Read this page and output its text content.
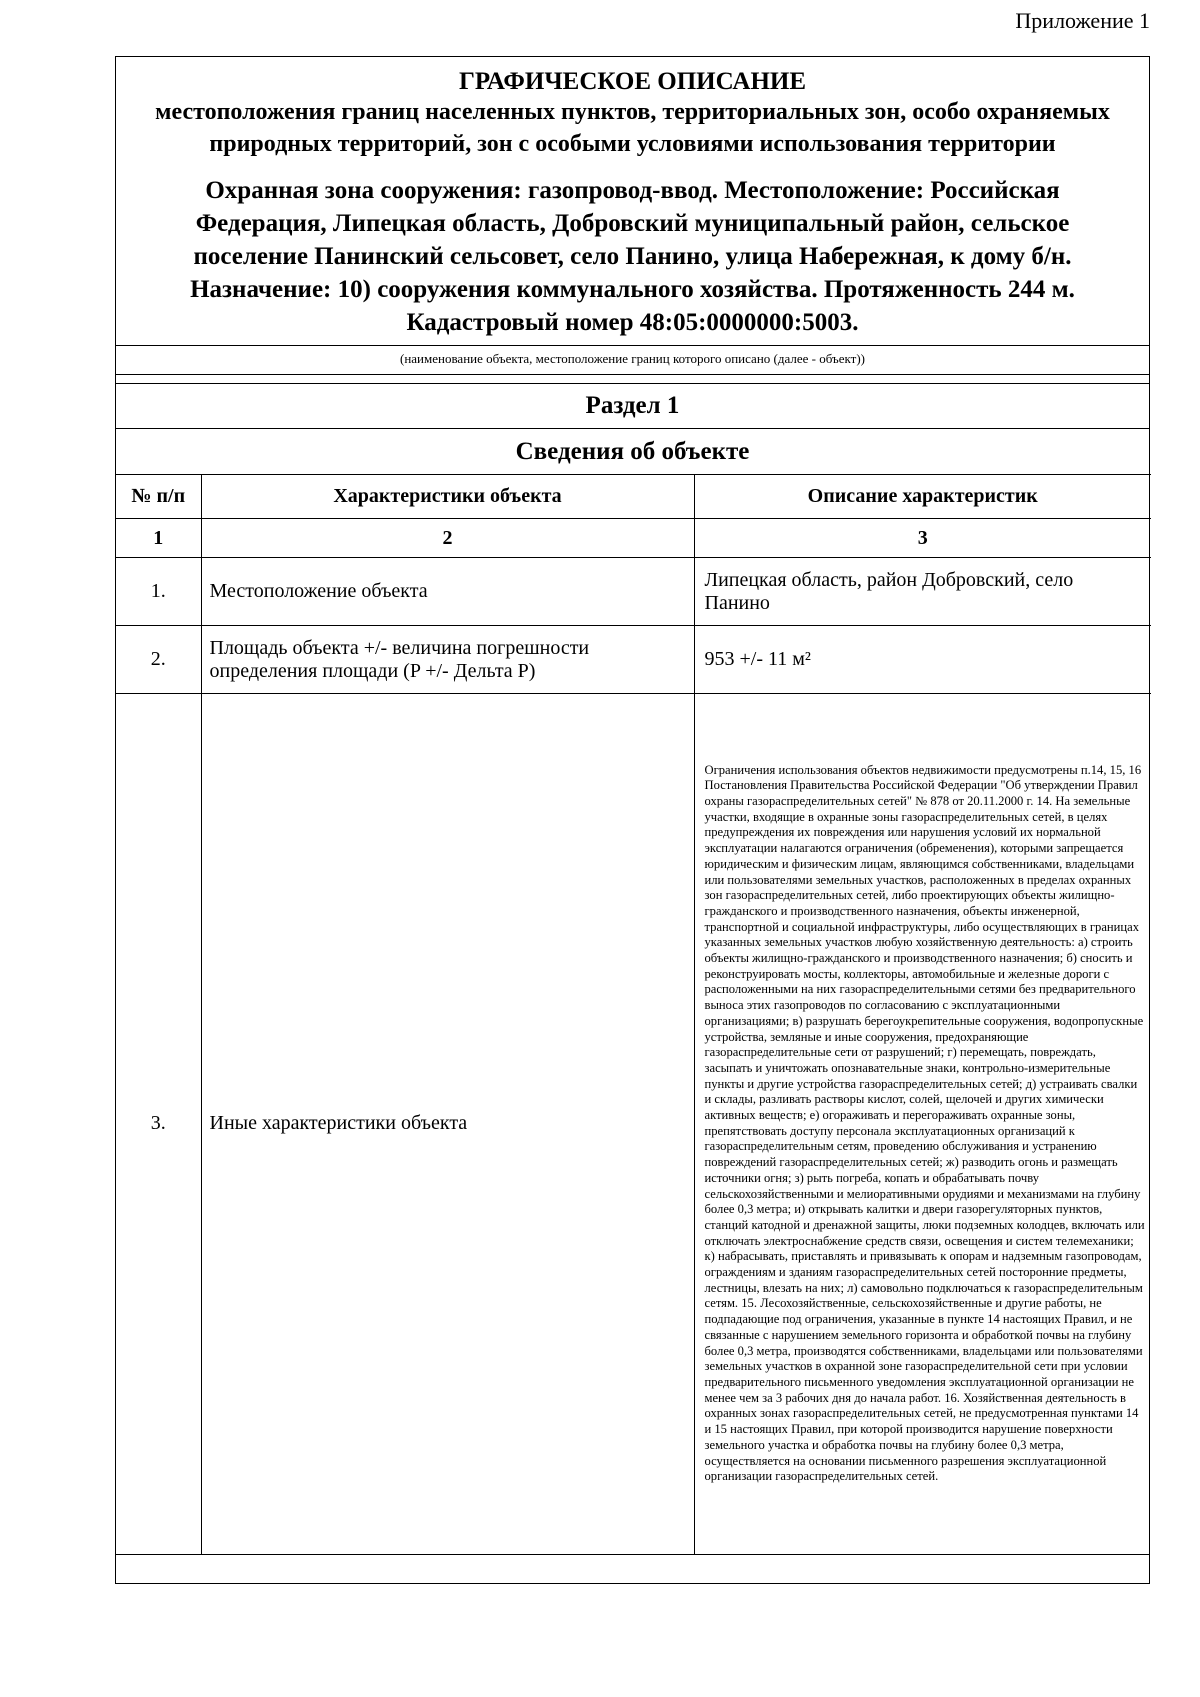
Приложение 1
ГРАФИЧЕСКОЕ ОПИСАНИЕ
местоположения границ населенных пунктов, территориальных зон, особо охраняемых природных территорий, зон с особыми условиями использования территории
Охранная зона сооружения: газопровод-ввод. Местоположение: Российская Федерация, Липецкая область, Добровский муниципальный район, сельское поселение Панинский сельсовет, село Панино, улица Набережная, к дому б/н. Назначение: 10) сооружения коммунального хозяйства. Протяженность 244 м. Кадастровый номер 48:05:0000000:5003.
(наименование объекта, местоположение границ которого описано (далее - объект))
Раздел 1
Сведения об объекте
№ п/п	Характеристики объекта	Описание характеристик
1	2	3
1.	Местоположение объекта	Липецкая область, район Добровский, село Панино
2.	Площадь объекта +/- величина погрешности определения площади (P +/- Дельта P)	953 +/- 11 м²
3.	Иные характеристики объекта	Ограничения использования объектов недвижимости предусмотрены п.14, 15, 16 Постановления Правительства Российской Федерации "Об утверждении Правил охраны газораспределительных сетей" № 878 от 20.11.2000 г. 14. На земельные участки, входящие в охранные зоны газораспределительных сетей, в целях предупреждения их повреждения или нарушения условий их нормальной эксплуатации налагаются ограничения (обременения), которыми запрещается юридическим и физическим лицам, являющимся собственниками, владельцами или пользователями земельных участков, расположенных в пределах охранных зон газораспределительных сетей, либо проектирующих объекты жилищно-гражданского и производственного назначения, объекты инженерной, транспортной и социальной инфраструктуры, либо осуществляющих в границах указанных земельных участков любую хозяйственную деятельность: а) строить объекты жилищно-гражданского и производственного назначения; б) сносить и реконструировать мосты, коллекторы, автомобильные и железные дороги с расположенными на них газораспределительными сетями без предварительного выноса этих газопроводов по согласованию с эксплуатационными организациями; в) разрушать берегоукрепительные сооружения, водопропускные устройства, земляные и иные сооружения, предохраняющие газораспределительные сети от разрушений; г) перемещать, повреждать, засыпать и уничтожать опознавательные знаки, контрольно-измерительные пункты и другие устройства газораспределительных сетей; д) устраивать свалки и склады, разливать растворы кислот, солей, щелочей и других химически активных веществ; е) огораживать и перегораживать охранные зоны, препятствовать доступу персонала эксплуатационных организаций к газораспределительным сетям, проведению обслуживания и устранению повреждений газораспределительных сетей; ж) разводить огонь и размещать источники огня; з) рыть погреба, копать и обрабатывать почву сельскохозяйственными и мелиоративными орудиями и механизмами на глубину более 0,3 метра; и) открывать калитки и двери газорегуляторных пунктов, станций катодной и дренажной защиты, люки подземных колодцев, включать или отключать электроснабжение средств связи, освещения и систем телемеханики; к) набрасывать, приставлять и привязывать к опорам и надземным газопроводам, ограждениям и зданиям газораспределительных сетей посторонние предметы, лестницы, влезать на них; л) самовольно подключаться к газораспределительным сетям. 15. Лесохозяйственные, сельскохозяйственные и другие работы, не подпадающие под ограничения, указанные в пункте 14 настоящих Правил, и не связанные с нарушением земельного горизонта и обработкой почвы на глубину более 0,3 метра, производятся собственниками, владельцами или пользователями земельных участков в охранной зоне газораспределительной сети при условии предварительного письменного уведомления эксплуатационной организации не менее чем за 3 рабочих дня до начала работ. 16. Хозяйственная деятельность в охранных зонах газораспределительных сетей, не предусмотренная пунктами 14 и 15 настоящих Правил, при которой производится нарушение поверхности земельного участка и обработка почвы на глубину более 0,3 метра, осуществляется на основании письменного разрешения эксплуатационной организации газораспределительных сетей.
